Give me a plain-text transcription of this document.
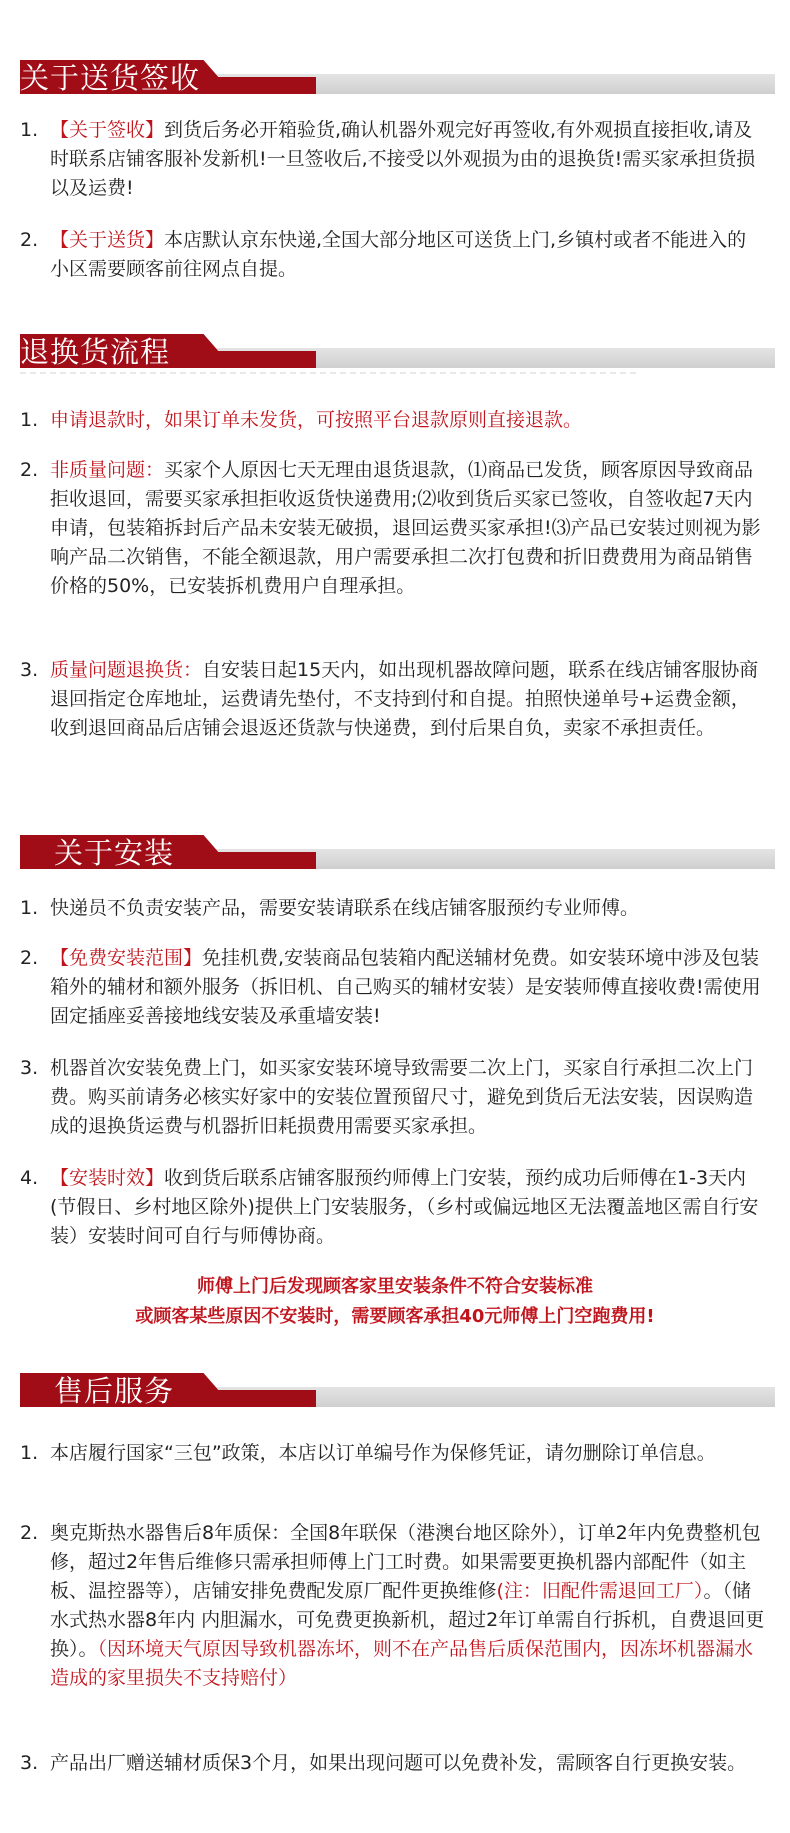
关于送货签收
1. 【关于签收】到货后务必开箱验货,确认机器外观完好再签收,有外观损直接拒收,请及时联系店铺客服补发新机!一旦签收后,不接受以外观损为由的退换货!需买家承担货损以及运费!
2. 【关于送货】本店默认京东快递,全国大部分地区可送货上门,乡镇村或者不能进入的小区需要顾客前往网点自提。
退换货流程
1. 申请退款时，如果订单未发货，可按照平台退款原则直接退款。
2. 非质量问题：买家个人原因七天无理由退货退款，⑴商品已发货，顾客原因导致商品拒收退回，需要买家承担拒收返货快递费用;⑵收到货后买家已签收，自签收起7天内申请，包装箱拆封后产品未安装无破损，退回运费买家承担!⑶产品已安装过则视为影响产品二次销售，不能全额退款，用户需要承担二次打包费和折旧费费用为商品销售价格的50%，已安装拆机费用户自理承担。
3. 质量问题退换货：自安装日起15天内，如出现机器故障问题，联系在线店铺客服协商退回指定仓库地址，运费请先垫付，不支持到付和自提。拍照快递单号+运费金额，收到退回商品后店铺会退返还货款与快递费，到付后果自负，卖家不承担责任。
关于安装
1. 快递员不负责安装产品，需要安装请联系在线店铺客服预约专业师傅。
2. 【免费安装范围】免挂机费,安装商品包装箱内配送辅材免费。如安装环境中涉及包装箱外的辅材和额外服务（拆旧机、自己购买的辅材安装）是安装师傅直接收费!需使用固定插座妥善接地线安装及承重墙安装!
3. 机器首次安装免费上门，如买家安装环境导致需要二次上门，买家自行承担二次上门费。购买前请务必核实好家中的安装位置预留尺寸，避免到货后无法安装，因误购造成的退换货运费与机器折旧耗损费用需要买家承担。
4. 【安装时效】收到货后联系店铺客服预约师傅上门安装，预约成功后师傅在1-3天内(节假日、乡村地区除外)提供上门安装服务，（乡村或偏远地区无法覆盖地区需自行安装）安装时间可自行与师傅协商。
师傅上门后发现顾客家里安装条件不符合安装标准
或顾客某些原因不安装时，需要顾客承担40元师傅上门空跑费用!
售后服务
1. 本店履行国家“三包”政策，本店以订单编号作为保修凭证，请勿删除订单信息。
2. 奥克斯热水器售后8年质保：全国8年联保（港澳台地区除外），订单2年内免费整机包修，超过2年售后维修只需承担师傅上门工时费。如果需要更换机器内部配件（如主板、温控器等），店铺安排免费配发原厂配件更换维修(注：旧配件需退回工厂）。（储水式热水器8年内 内胆漏水，可免费更换新机，超过2年订单需自行拆机，自费退回更换）。（因环境天气原因导致机器冻坏，则不在产品售后质保范围内，因冻坏机器漏水造成的家里损失不支持赔付）
3. 产品出厂赠送辅材质保3个月，如果出现问题可以免费补发，需顾客自行更换安装。
